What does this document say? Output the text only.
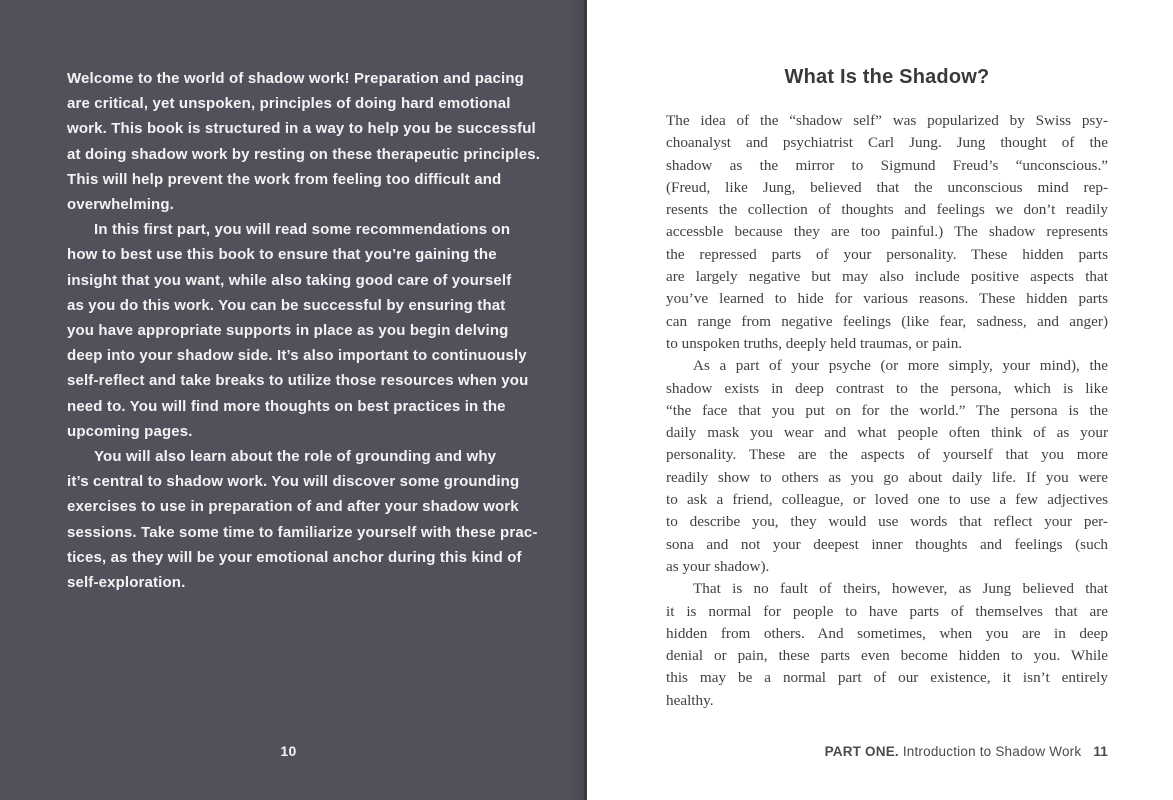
Welcome to the world of shadow work! Preparation and pacing
are critical, yet unspoken, principles of doing hard emotional
work. This book is structured in a way to help you be successful
at doing shadow work by resting on these therapeutic principles.
This will help prevent the work from feeling too difficult and
overwhelming.
In this first part, you will read some recommendations on
how to best use this book to ensure that you’re gaining the
insight that you want, while also taking good care of yourself
as you do this work. You can be successful by ensuring that
you have appropriate supports in place as you begin delving
deep into your shadow side. It’s also important to continuously
self-reflect and take breaks to utilize those resources when you
need to. You will find more thoughts on best practices in the
upcoming pages.
You will also learn about the role of grounding and why
it’s central to shadow work. You will discover some grounding
exercises to use in preparation of and after your shadow work
sessions. Take some time to familiarize yourself with these prac-
tices, as they will be your emotional anchor during this kind of
self-exploration.
10
What Is the Shadow?
The idea of the “shadow self” was popularized by Swiss psy-
choanalyst and psychiatrist Carl Jung. Jung thought of the
shadow as the mirror to Sigmund Freud’s “unconscious.”
(Freud, like Jung, believed that the unconscious mind rep-
resents the collection of thoughts and feelings we don’t readily
accessble because they are too painful.) The shadow represents
the repressed parts of your personality. These hidden parts
are largely negative but may also include positive aspects that
you’ve learned to hide for various reasons. These hidden parts
can range from negative feelings (like fear, sadness, and anger)
to unspoken truths, deeply held traumas, or pain.
As a part of your psyche (or more simply, your mind), the
shadow exists in deep contrast to the persona, which is like
“the face that you put on for the world.” The persona is the
daily mask you wear and what people often think of as your
personality. These are the aspects of yourself that you more
readily show to others as you go about daily life. If you were
to ask a friend, colleague, or loved one to use a few adjectives
to describe you, they would use words that reflect your per-
sona and not your deepest inner thoughts and feelings (such
as your shadow).
That is no fault of theirs, however, as Jung believed that
it is normal for people to have parts of themselves that are
hidden from others. And sometimes, when you are in deep
denial or pain, these parts even become hidden to you. While
this may be a normal part of our existence, it isn’t entirely
healthy.
PART ONE. Introduction to Shadow Work 11
